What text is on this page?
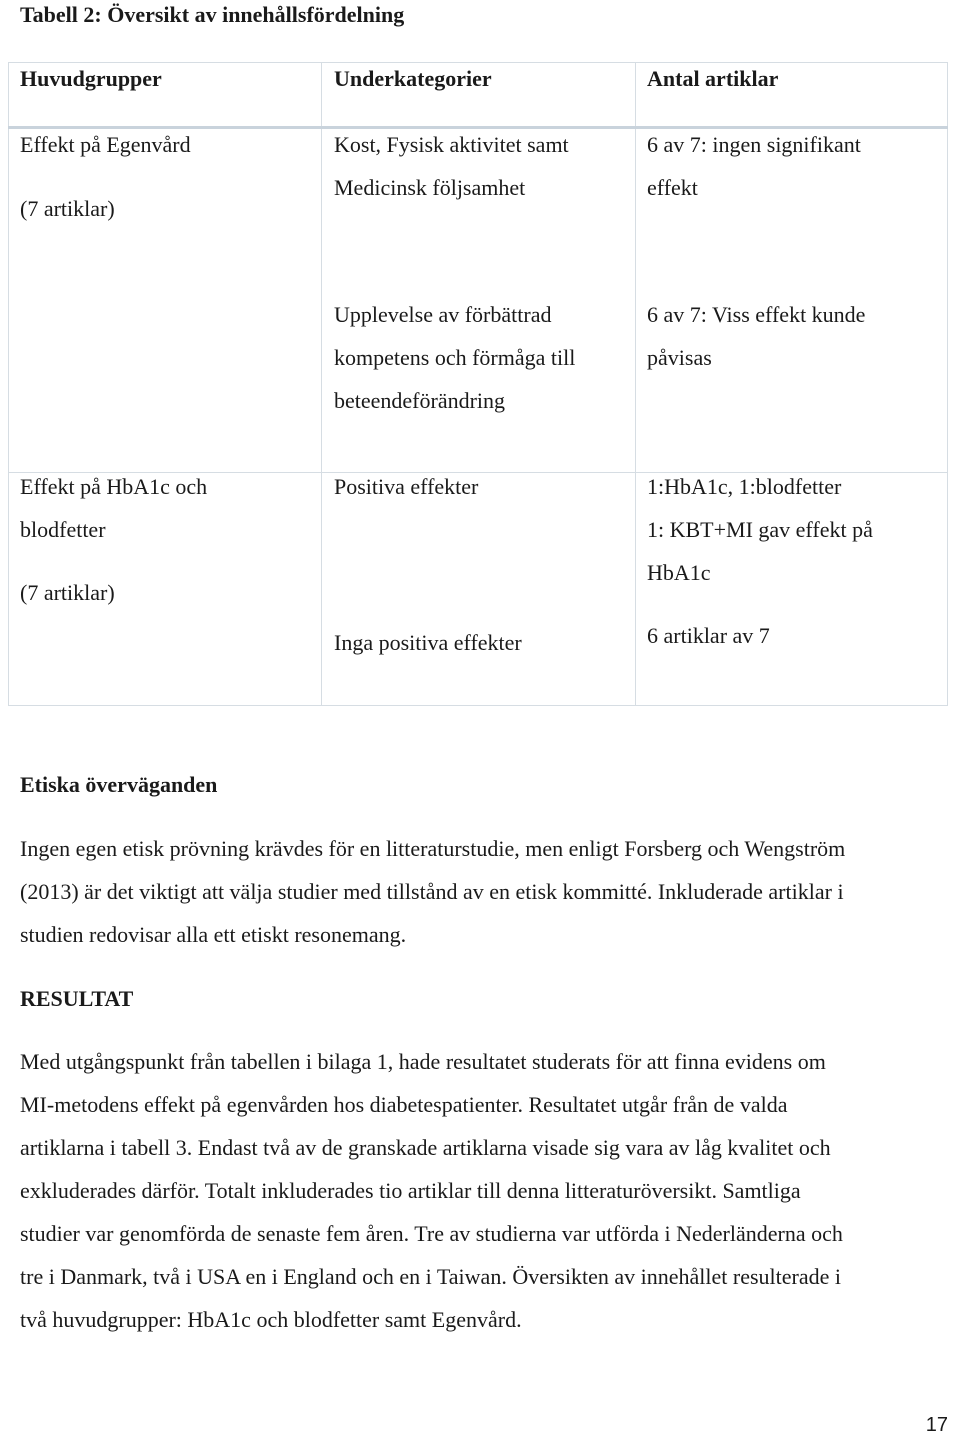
Tabell 2: Översikt av innehållsfördelning
Huvudgrupper	Underkategorier	Antal artiklar
Effekt på Egenvård
(7 artiklar)
Kost, Fysisk aktivitet samt
Medicinsk följsamhet
6 av 7: ingen signifikant
effekt
Upplevelse av förbättrad
kompetens och förmåga till
beteendeförändring
6 av 7: Viss effekt kunde
påvisas
Effekt på HbA1c och
blodfetter
(7 artiklar)
Positiva effekter
Inga positiva effekter
1:HbA1c, 1:blodfetter
1: KBT+MI gav effekt på
HbA1c
6 artiklar av 7
Etiska överväganden
Ingen egen etisk prövning krävdes för en litteraturstudie, men enligt Forsberg och Wengström
(2013) är det viktigt att välja studier med tillstånd av en etisk kommitté. Inkluderade artiklar i
studien redovisar alla ett etiskt resonemang.
RESULTAT
Med utgångspunkt från tabellen i bilaga 1, hade resultatet studerats för att finna evidens om
MI-metodens effekt på egenvården hos diabetespatienter. Resultatet utgår från de valda
artiklarna i tabell 3. Endast två av de granskade artiklarna visade sig vara av låg kvalitet och
exkluderades därför. Totalt inkluderades tio artiklar till denna litteraturöversikt. Samtliga
studier var genomförda de senaste fem åren. Tre av studierna var utförda i Nederländerna och
tre i Danmark, två i USA en i England och en i Taiwan. Översikten av innehållet resulterade i
två huvudgrupper: HbA1c och blodfetter samt Egenvård.
17
